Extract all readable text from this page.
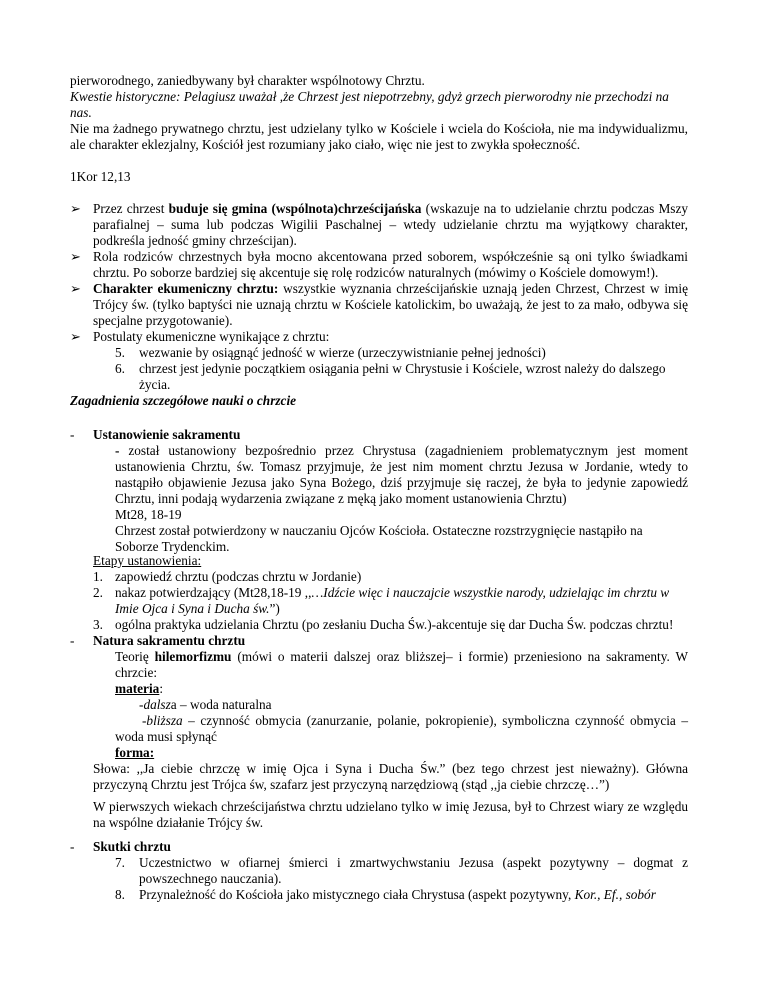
pierworodnego, zaniedbywany był charakter wspólnotowy Chrztu.

Kwestie historyczne: Pelagiusz uważał ,że Chrzest jest niepotrzebny, gdyż grzech pierworodny nie przechodzi na nas.

Nie ma żadnego prywatnego chrztu, jest udzielany tylko w Kościele i wciela do Kościoła, nie ma indywidualizmu, ale charakter eklezjalny, Kościół jest rozumiany jako ciało, więc nie jest to zwykła społeczność.

1Kor 12,13

➢ Przez chrzest buduje się gmina (wspólnota)chrześcijańska (wskazuje na to udzielanie chrztu podczas Mszy parafialnej – suma lub podczas Wigilii Paschalnej – wtedy udzielanie chrztu ma wyjątkowy charakter, podkreśla jedność gminy chrześcijan).

➢ Rola rodziców chrzestnych była mocno akcentowana przed soborem, współcześnie są oni tylko świadkami chrztu. Po soborze bardziej się akcentuje się rolę rodziców naturalnych (mówimy o Kościele domowym!).

➢ Charakter ekumeniczny chrztu: wszystkie wyznania chrześcijańskie uznają jeden Chrzest, Chrzest w imię Trójcy św. (tylko baptyści nie uznają chrztu w Kościele katolickim, bo uważają, że jest to za mało, odbywa się specjalne przygotowanie).

➢ Postulaty ekumeniczne wynikające z chrztu:

5.	wezwanie by osiągnąć jedność w wierze (urzeczywistnianie pełnej jedności)

6.	chrzest jest jedynie początkiem osiągania pełni w Chrystusie i Kościele, wzrost należy do dalszego życia.

Zagadnienia szczegółowe nauki o chrzcie

- Ustanowienie sakramentu

- został ustanowiony bezpośrednio przez Chrystusa (zagadnieniem problematycznym jest moment ustanowienia Chrztu, św. Tomasz przyjmuje, że jest nim moment chrztu Jezusa w Jordanie, wtedy to nastąpiło objawienie Jezusa jako Syna Bożego, dziś przyjmuje się raczej, że była to jedynie zapowiedź Chrztu, inni podają wydarzenia związane z męką jako moment ustanowienia Chrztu)

Mt28, 18-19

Chrzest został potwierdzony w nauczaniu Ojców Kościoła. Ostateczne rozstrzygnięcie nastąpiło na Soborze Trydenckim.

Etapy ustanowienia:

1. zapowiedź chrztu (podczas chrztu w Jordanie)

2. nakaz potwierdzający (Mt28,18-19 ,,…Idźcie więc i nauczajcie wszystkie narody, udzielając im chrztu w Imie Ojca i Syna i Ducha św.”)

3. ogólna praktyka udzielania Chrztu (po zesłaniu Ducha Św.)-akcentuje się dar Ducha Św. podczas chrztu!

- Natura sakramentu chrztu

Teorię hilemorfizmu (mówi o materii dalszej oraz bliższej– i formie) przeniesiono na sakramenty. W chrzcie:

materia:

-dalsza – woda naturalna

-bliższa – czynność obmycia (zanurzanie, polanie, pokropienie), symboliczna czynność obmycia – woda musi spłynąć

forma:

Słowa: ,,Ja ciebie chrzczę w imię Ojca i Syna i Ducha Św.” (bez tego chrzest jest nieważny). Główna przyczyną Chrztu jest Trójca św, szafarz jest przyczyną narzędziową (stąd ,,ja ciebie chrzczę…”)

W pierwszych wiekach chrześcijaństwa chrztu udzielano tylko w imię Jezusa, był to Chrzest wiary ze względu na wspólne działanie Trójcy św.

- Skutki chrztu

7.	Uczestnictwo w ofiarnej śmierci i zmartwychwstaniu Jezusa (aspekt pozytywny – dogmat z powszechnego nauczania).

8.	Przynależność do Kościoła jako mistycznego ciała Chrystusa (aspekt pozytywny, Kor., Ef., sobór
